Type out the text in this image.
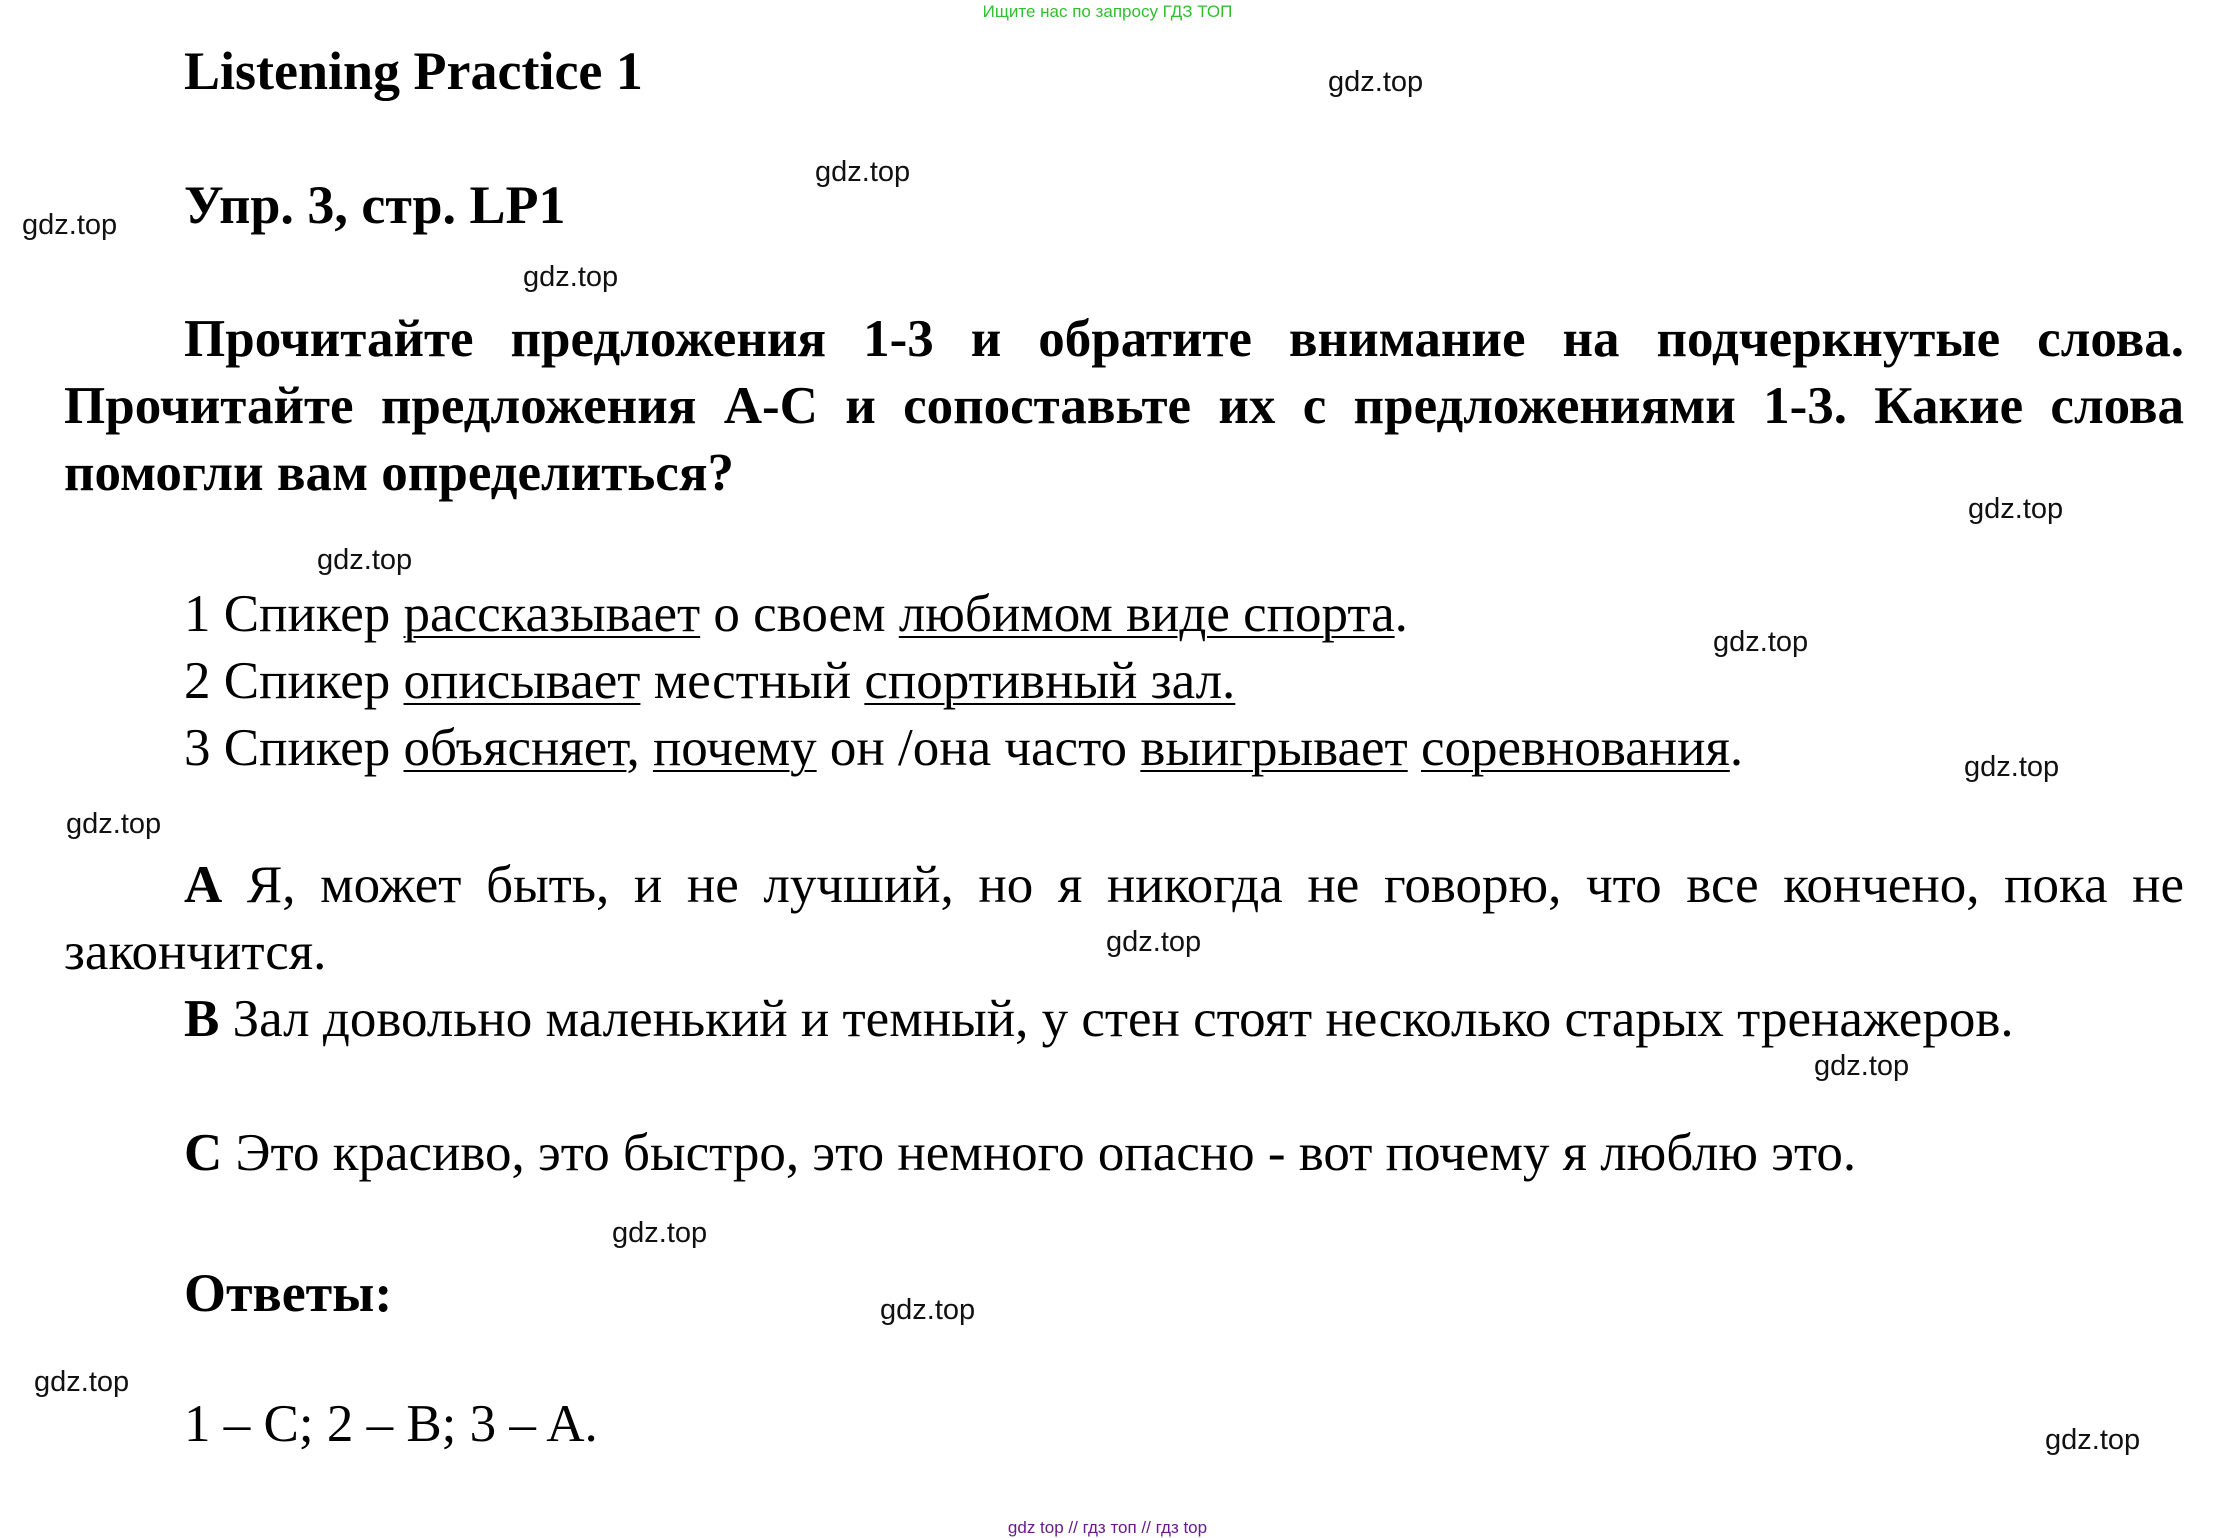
Ищите нас по запросу ГДЗ ТОП
Listening Practice 1
Упр. 3, стр. LP1
Прочитайте предложения 1-3 и обратите внимание на подчеркнутые слова. Прочитайте предложения A-C и сопоставьте их с предложениями 1-3. Какие слова помогли вам определиться?
1 Спикер рассказывает о своем любимом виде спорта.
2 Спикер описывает местный спортивный зал.
3 Спикер объясняет, почему он /она часто выигрывает соревнования.
A Я, может быть, и не лучший, но я никогда не говорю, что все кончено, пока не закончится.
B Зал довольно маленький и темный, у стен стоят несколько старых тренажеров.
C Это красиво, это быстро, это немного опасно - вот почему я люблю это.
Ответы:
1 – C; 2 – B; 3 – A.
gdz.top
gdz.top
gdz.top
gdz.top
gdz.top
gdz.top
gdz.top
gdz.top
gdz.top
gdz.top
gdz.top
gdz.top
gdz.top
gdz.top
gdz.top
gdz top // гдз топ // гдз top
